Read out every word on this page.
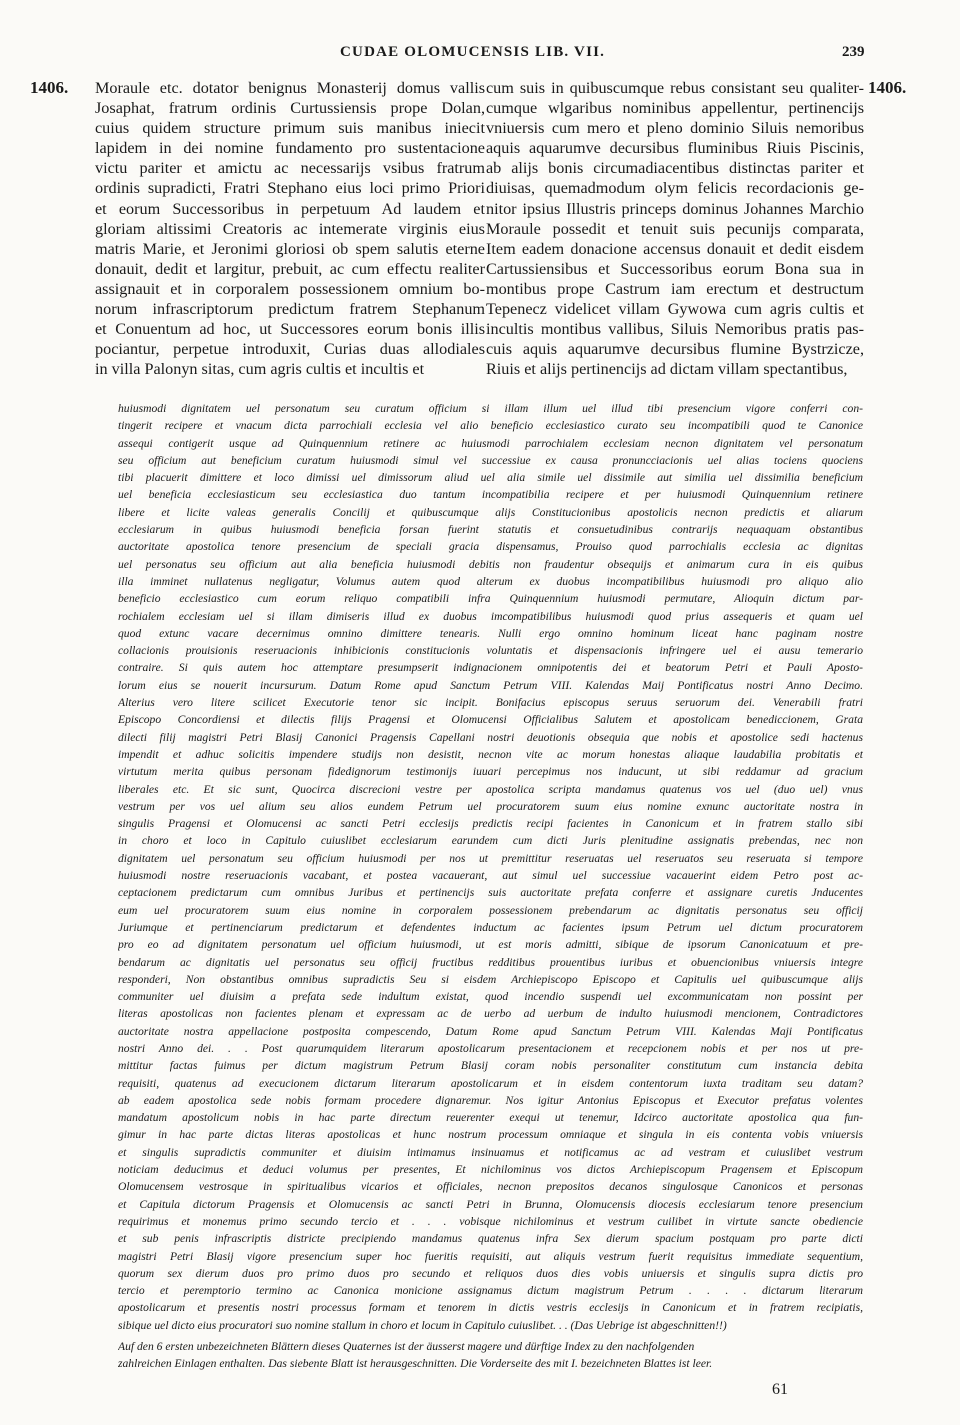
CUDAE OLOMUCENSIS LIB. VII.	239
1406.	1406.
Moraule etc. dotator benignus Monasterij domus vallis
Josaphat, fratrum ordinis Curtussiensis prope Dolan,
cuius quidem structure primum suis manibus iniecit
lapidem in dei nomine fundamento pro sustentacione
victu pariter et amictu ac necessarijs vsibus fratrum
ordinis supradicti, Fratri Stephano eius loci primo Priori
et eorum Successoribus in perpetuum Ad laudem et
gloriam altissimi Creatoris ac intemerate virginis eius
matris Marie, et Jeronimi gloriosi ob spem salutis eterne
donauit, dedit et largitur, prebuit, ac cum effectu realiter
assignauit et in corporalem possessionem omnium bo-
norum infrascriptorum predictum fratrem Stephanum
et Conuentum ad hoc, ut Successores eorum bonis illis
pociantur, perpetue introduxit, Curias duas allodiales
in villa Palonyn sitas, cum agris cultis et incultis et
cum suis in quibuscumque rebus consistant seu qualiter-
cumque wlgaribus nominibus appellentur, pertinencijs
vniuersis cum mero et pleno dominio Siluis nemoribus
aquis aquarumve decursibus fluminibus Riuis Piscinis,
ab alijs bonis circumadiacentibus distinctas pariter et
diuisas, quemadmodum olym felicis recordacionis ge-
nitor ipsius Illustris princeps dominus Johannes Marchio
Moraule possedit et tenuit suis pecunijs comparata,
Item eadem donacione accensus donauit et dedit eisdem
Cartussiensibus et Successoribus eorum Bona sua in
montibus prope Castrum iam erectum et destructum
Tepenecz videlicet villam Gywowa cum agris cultis et
incultis montibus vallibus, Siluis Nemoribus pratis pas-
cuis aquis aquarumve decursibus flumine Bystrzicze,
Riuis et alijs pertinencijs ad dictam villam spectantibus,
huiusmodi dignitatem uel personatum seu curatum officium si illam illum uel illud tibi presencium vigore conferri con-
tingerit recipere et vnacum dicta parrochiali ecclesia vel alio beneficio ecclesiastico curato seu incompatibili quod te Canonice
assequi contigerit usque ad Quinquennium retinere ac huiusmodi parrochialem ecclesiam necnon dignitatem vel personatum
seu officium aut beneficium curatum huiusmodi simul vel successiue ex causa pronuncciacionis uel alias tociens quociens
tibi placuerit dimittere et loco dimissi uel dimissorum aliud uel alia simile uel dissimile aut similia uel dissimilia beneficium
uel beneficia ecclesiasticum seu ecclesiastica duo tantum incompatibilia recipere et per huiusmodi Quinquennium retinere
libere et licite valeas generalis Concilij et quibuscumque alijs Constitucionibus apostolicis necnon predictis et aliarum
ecclesiarum in quibus huiusmodi beneficia forsan fuerint statutis et consuetudinibus contrarijs nequaquam obstantibus
auctoritate apostolica tenore presencium de speciali gracia dispensamus, Prouiso quod parrochialis ecclesia ac dignitas
uel personatus seu officium aut alia beneficia huiusmodi debitis non fraudentur obsequijs et animarum cura in eis quibus
illa imminet nullatenus negligatur, Volumus autem quod alterum ex duobus incompatibilibus huiusmodi pro aliquo alio
beneficio ecclesiastico cum eorum reliquo compatibili infra Quinquennium huiusmodi permutare, Alioquin dictum par-
rochialem ecclesiam uel si illam dimiseris illud ex duobus imcompatibilibus huiusmodi quod prius assequeris et quam uel
quod extunc vacare decernimus omnino dimittere tenearis. Nulli ergo omnino hominum liceat hanc paginam nostre
collacionis prouisionis reseruacionis inhibicionis constitucionis voluntatis et dispensacionis infringere uel ei ausu temerario
contraire. Si quis autem hoc attemptare presumpserit indignacionem omnipotentis dei et beatorum Petri et Pauli Aposto-
lorum eius se nouerit incursurum. Datum Rome apud Sanctum Petrum VIII. Kalendas Maij Pontificatus nostri Anno Decimo.
Alterius vero litere scilicet Executorie tenor sic incipit. Bonifacius episcopus seruus seruorum dei. Venerabili fratri
Episcopo Concordiensi et dilectis filijs Pragensi et Olomucensi Officialibus Salutem et apostolicam benediccionem, Grata
dilecti filij magistri Petri Blasij Canonici Pragensis Capellani nostri deuotionis obsequia que nobis et apostolice sedi hactenus
impendit et adhuc solicitis impendere studijs non desistit, necnon vite ac morum honestas aliaque laudabilia probitatis et
virtutum merita quibus personam fidedignorum testimonijs iuuari percepimus nos inducunt, ut sibi reddamur ad gracium
liberales etc. Et sic sunt, Quocirca discrecioni vestre per apostolica scripta mandamus quatenus vos uel (duo uel) vnus
vestrum per vos uel alium seu alios eundem Petrum uel procuratorem suum eius nomine exnunc auctoritate nostra in
singulis Pragensi et Olomucensi ac sancti Petri ecclesijs predictis recipi facientes in Canonicum et in fratrem stallo sibi
in choro et loco in Capitulo cuiuslibet ecclesiarum earundem cum dicti Juris plenitudine assignatis prebendas, nec non
dignitatem uel personatum seu officium huiusmodi per nos ut premittitur reseruatas uel reseruatos seu reseruata si tempore
huiusmodi nostre reseruacionis vacabant, et postea vacauerant, aut simul uel successiue vacauerint eidem Petro post ac-
ceptacionem predictarum cum omnibus Juribus et pertinencijs suis auctoritate prefata conferre et assignare curetis Jnducentes
eum uel procuratorem suum eius nomine in corporalem possessionem prebendarum ac dignitatis personatus seu officij
Juriumque et pertinenciarum predictarum et defendentes inductum ac facientes ipsum Petrum uel dictum procuratorem
pro eo ad dignitatem personatum uel officium huiusmodi, ut est moris admitti, sibique de ipsorum Canonicatuum et pre-
bendarum ac dignitatis uel personatus seu officij fructibus redditibus prouentibus iuribus et obuencionibus vniuersis integre
responderi, Non obstantibus omnibus supradictis Seu si eisdem Archiepiscopo Episcopo et Capitulis uel quibuscumque alijs
communiter uel diuisim a prefata sede indultum existat, quod incendio suspendi uel excommunicatam non possint per
literas apostolicas non facientes plenam et expressam ac de uerbo ad uerbum de indulto huiusmodi mencionem, Contradictores
auctoritate nostra appellacione postposita compescendo, Datum Rome apud Sanctum Petrum VIII. Kalendas Maji Pontificatus
nostri Anno dei. . . Post quarumquidem literarum apostolicarum presentacionem et recepcionem nobis et per nos ut pre-
mittitur factas fuimus per dictum magistrum Petrum Blasij coram nobis personaliter constitutum cum instancia debita
requisiti, quatenus ad execucionem dictarum literarum apostolicarum et in eisdem contentorum iuxta traditam seu datam?
ab eadem apostolica sede nobis formam procedere dignaremur. Nos igitur Antonius Episcopus et Executor prefatus volentes
mandatum apostolicum nobis in hac parte directum reuerenter exequi ut tenemur, Idcirco auctoritate apostolica qua fun-
gimur in hac parte dictas literas apostolicas et hunc nostrum processum omniaque et singula in eis contenta vobis vniuersis
et singulis supradictis communiter et diuisim intimamus insinuamus et notificamus ac ad vestram et cuiuslibet vestrum
noticiam deducimus et deduci volumus per presentes, Et nichilominus vos dictos Archiepiscopum Pragensem et Episcopum
Olomucensem vestrosque in spiritualibus vicarios et officiales, necnon prepositos decanos singulosque Canonicos et personas
et Capitula dictorum Pragensis et Olomucensis ac sancti Petri in Brunna, Olomucensis diocesis ecclesiarum tenore presencium
requirimus et monemus primo secundo tercio et . . . vobisque nichilominus et vestrum cuilibet in virtute sancte obediencie
et sub penis infrascriptis districte precipiendo mandamus quatenus infra Sex dierum spacium postquam pro parte dicti
magistri Petri Blasij vigore presencium super hoc fueritis requisiti, aut aliquis vestrum fuerit requisitus immediate sequentium,
quorum sex dierum duos pro primo duos pro secundo et reliquos duos dies vobis uniuersis et singulis supra dictis pro
tercio et peremptorio termino ac Canonica monicione assignamus dictum magistrum Petrum . . . . dictarum literarum
apostolicarum et presentis nostri processus formam et tenorem in dictis vestris ecclesijs in Canonicum et in fratrem recipiatis,
sibique uel dicto eius procuratori suo nomine stallum in choro et locum in Capitulo cuiuslibet. . . (Das Uebrige ist abgeschnitten!!)
Auf den 6 ersten unbezeichneten Blättern dieses Quaternes ist der äusserst magere und dürftige Index zu den nachfolgenden
zahlreichen Einlagen enthalten. Das siebente Blatt ist herausgeschnitten. Die Vorderseite des mit I. bezeichneten Blattes ist leer.
61
